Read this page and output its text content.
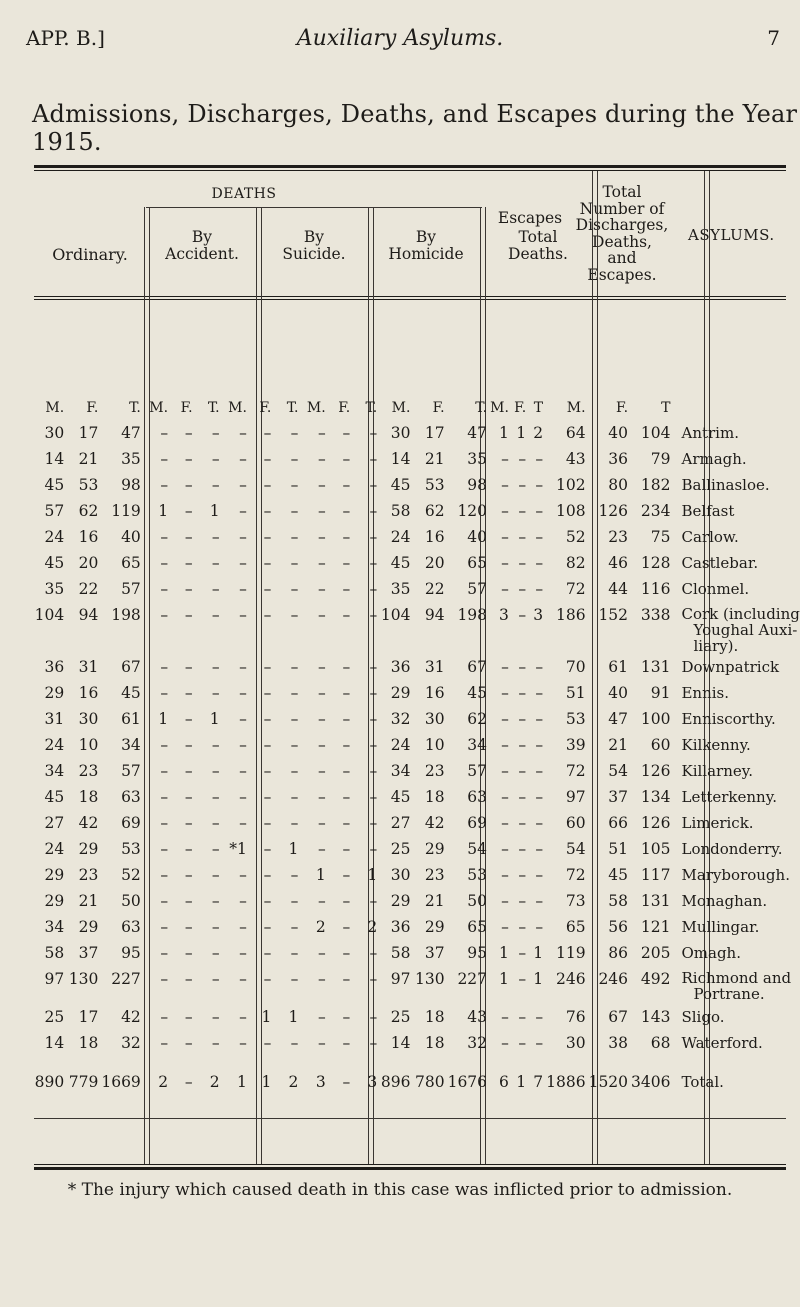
APP. B.]	Auxiliary Asylums.	7
Admissions, Discharges, Deaths, and Escapes during the Year 1915.
DEATHS
Ordinary.
By
Accident.
By
Suicide.
By
Homicide
Total
Deaths.
Escapes
Total
Number of
Discharges,
Deaths,
and
Escapes.
ASYLUMS.
M.	F.	T.	M.	F.	T.	M.	F.	T.	M.	F.	T.	M.	F.	T.	M.	F.	T	M.	F.	T	
30	17	47	–	–	–	–	–	–	–	–	–	30	17	47	1	1	2	64	40	104	Antrim.

14	21	35	–	–	–	–	–	–	–	–	–	14	21	35	–	–	–	43	36	79	Armagh.

45	53	98	–	–	–	–	–	–	–	–	–	45	53	98	–	–	–	102	80	182	Ballinasloe.

57	62	119	1	–	1	–	–	–	–	–	–	58	62	120	–	–	–	108	126	234	Belfast

24	16	40	–	–	–	–	–	–	–	–	–	24	16	40	–	–	–	52	23	75	Carlow.

45	20	65	–	–	–	–	–	–	–	–	–	45	20	65	–	–	–	82	46	128	Castlebar.

35	22	57	–	–	–	–	–	–	–	–	–	35	22	57	–	–	–	72	44	116	Clonmel.

104	94	198	–	–	–	–	–	–	–	–	–	104	94	198	3	–	3	186	152	338	Cork (including
Youghal Auxi-
liary).

36	31	67	–	–	–	–	–	–	–	–	–	36	31	67	–	–	–	70	61	131	Downpatrick

29	16	45	–	–	–	–	–	–	–	–	–	29	16	45	–	–	–	51	40	91	Ennis.

31	30	61	1	–	1	–	–	–	–	–	–	32	30	62	–	–	–	53	47	100	Enniscorthy.

24	10	34	–	–	–	–	–	–	–	–	–	24	10	34	–	–	–	39	21	60	Kilkenny.

34	23	57	–	–	–	–	–	–	–	–	–	34	23	57	–	–	–	72	54	126	Killarney.

45	18	63	–	–	–	–	–	–	–	–	–	45	18	63	–	–	–	97	37	134	Letterkenny.

27	42	69	–	–	–	–	–	–	–	–	–	27	42	69	–	–	–	60	66	126	Limerick.

24	29	53	–	–	–	*1	–	1	–	–	–	25	29	54	–	–	–	54	51	105	Londonderry.

29	23	52	–	–	–	–	–	–	1	–	1	30	23	53	–	–	–	72	45	117	Maryborough.

29	21	50	–	–	–	–	–	–	–	–	–	29	21	50	–	–	–	73	58	131	Monaghan.

34	29	63	–	–	–	–	–	–	2	–	2	36	29	65	–	–	–	65	56	121	Mullingar.

58	37	95	–	–	–	–	–	–	–	–	–	58	37	95	1	–	1	119	86	205	Omagh.

97	130	227	–	–	–	–	–	–	–	–	–	97	130	227	1	–	1	246	246	492	Richmond and
Portrane.

25	17	42	–	–	–	–	1	1	–	–	–	25	18	43	–	–	–	76	67	143	Sligo.

14	18	32	–	–	–	–	–	–	–	–	–	14	18	32	–	–	–	30	38	68	Waterford.

890	779	1669	2	–	2	1	1	2	3	–	3	896	780	1676	6	1	7	1886	1520	3406	Total.
* The injury which caused death in this case was inflicted prior to admission.
